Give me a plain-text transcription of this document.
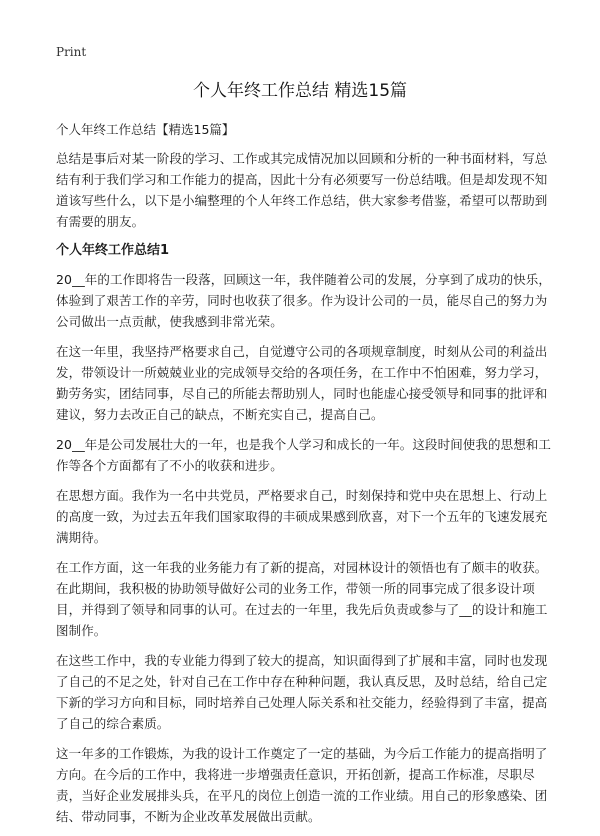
Print
个人年终工作总结 精选15篇
个人年终工作总结【精选15篇】

总结是事后对某一阶段的学习、工作或其完成情况加以回顾和分析的一种书面材料，写总结有利于我们学习和工作能力的提高，因此十分有必须要写一份总结哦。但是却发现不知道该写些什么，以下是小编整理的个人年终工作总结，供大家参考借鉴，希望可以帮助到有需要的朋友。

个人年终工作总结1

20__年的工作即将告一段落，回顾这一年，我伴随着公司的发展，分享到了成功的快乐，体验到了艰苦工作的辛劳，同时也收获了很多。作为设计公司的一员，能尽自己的努力为公司做出一点贡献，使我感到非常光荣。

在这一年里，我坚持严格要求自己，自觉遵守公司的各项规章制度，时刻从公司的利益出发，带领设计一所兢兢业业的完成领导交给的各项任务，在工作中不怕困难，努力学习，勤劳务实，团结同事，尽自己的所能去帮助别人，同时也能虚心接受领导和同事的批评和建议，努力去改正自己的缺点，不断充实自己，提高自己。

20__年是公司发展壮大的一年，也是我个人学习和成长的一年。这段时间使我的思想和工作等各个方面都有了不小的收获和进步。

在思想方面。我作为一名中共党员，严格要求自己，时刻保持和党中央在思想上、行动上的高度一致，为过去五年我们国家取得的丰硕成果感到欣喜，对下一个五年的飞速发展充满期待。

在工作方面，这一年我的业务能力有了新的提高，对园林设计的领悟也有了颇丰的收获。在此期间，我积极的协助领导做好公司的业务工作，带领一所的同事完成了很多设计项目，并得到了领导和同事的认可。在过去的一年里，我先后负责或参与了__的设计和施工图制作。

在这些工作中，我的专业能力得到了较大的提高，知识面得到了扩展和丰富，同时也发现了自己的不足之处，针对自己在工作中存在种种问题，我认真反思，及时总结，给自己定下新的学习方向和目标，同时培养自己处理人际关系和社交能力，经验得到了丰富，提高了自己的综合素质。

这一年多的工作锻炼，为我的设计工作奠定了一定的基础，为今后工作能力的提高指明了方向。在今后的工作中，我将进一步增强责任意识，开拓创新，提高工作标准，尽职尽责，当好企业发展排头兵，在平凡的岗位上创造一流的工作业绩。用自己的形象感染、团结、带动同事，不断为企业改革发展做出贡献。
